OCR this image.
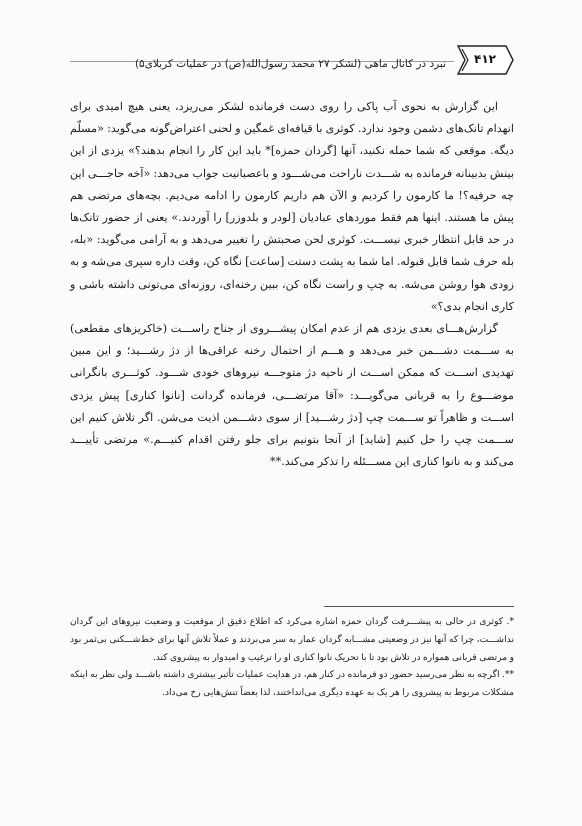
نبرد در کانال ماهی (لشکر ۲۷ محمد رسول‌الله(ص) در عملیات کربلای۵)	۴۱۲

این گزارش به نحوی آب پاکی را روی دست فرمانده لشکر می‌ریزد، یعنی هیچ امیدی برای انهدام تانک‌های دشمن وجود ندارد. کوثری با قیافه‌ای غمگین و لحنی اعتراض‌گونه می‌گوید: «مسلّم دیگه. موقعی که شما حمله نکنید، آنها [گردان حمزه]* باید این کار را انجام بدهند؟» یزدی از این بینش بدبینانه فرمانده به شـــدت ناراحت می‌شـــود و باعصبانیت جواب می‌دهد: «آخه حاجـــی این چه حرفیه؟! ما کارمون را کردیم و الآن هم داریم کارمون را ادامه می‌دیم. بچه‌های مرتضی هم پیش ما هستند. اینها هم فقط موردهای عبادیان [لودر و بلدوزر] را آوردند.» یعنی از حضور تانک‌ها در حد قابل انتظار خبری نیســـت. کوثری لحن صحبتش را تغییر می‌دهد و به آرامی می‌گوید: «بله، بله حرف شما قابل قبوله. اما شما به پشت دستت [ساعت] نگاه کن، وقت داره سپری می‌شه و به زودی هوا روشن می‌شه. به چپ و راست نگاه کن، ببین رخنه‌ای، روزنه‌ای می‌تونی داشته باشی و کاری انجام بدی؟»

گزارش‌هـــای بعدی یزدی هم از عدم امکان پیشـــروی از جناح راســـت (خاکریزهای مقطعی) به ســـمت دشـــمن خبر می‌دهد و هـــم از احتمال رخنه عراقی‌ها از دژ رشـــید؛ و این مبین تهدیدی اســـت که ممکن اســـت از ناحیه دژ متوجـــه نیروهای خودی شـــود. کوثـــری بانگرانی موضـــوع را به قربانی می‌گویـــد: «آقا مرتضـــی، فرمانده گردانت [نانوا کناری] پیش یزدی اســـت و ظاهراً تو ســـمت چپ [دژ رشـــید] از سوی دشـــمن اذیت می‌شن. اگر تلاش کنیم این ســـمت چپ را حل کنیم [شاید] از آنجا بتونیم برای جلو رفتن اقدام کنیـــم.» مرتضی تأییـــد می‌کند و به نانوا کناری این مســـئله را تذکر می‌کند.**

*. کوثری در حالی به پیشـــرفت گردان حمزه اشاره می‌کرد که اطلاع دقیق از موقعیت و وضعیت نیروهای این گردان نداشـــت، چرا که آنها نیز در وضعیتی مشـــابه گردان عمار به سر می‌بردند و عملاً تلاش آنها برای خط‌شـــکنی بی‌ثمر بود و مرتضی قربانی همواره در تلاش بود تا با تحریک نانوا کناری او را ترغیب و امیدوار به پیشروی کند.

**. اگرچه به نظر می‌رسید حضور دو فرمانده در کنار هم، در هدایت عملیات تأثیر بیشتری داشته باشـــد ولی نظر به اینکه مشکلات مربوط به پیشروی را هر یک به عهده دیگری می‌انداختند، لذا بعضاً تنش‌هایی رخ می‌داد.
